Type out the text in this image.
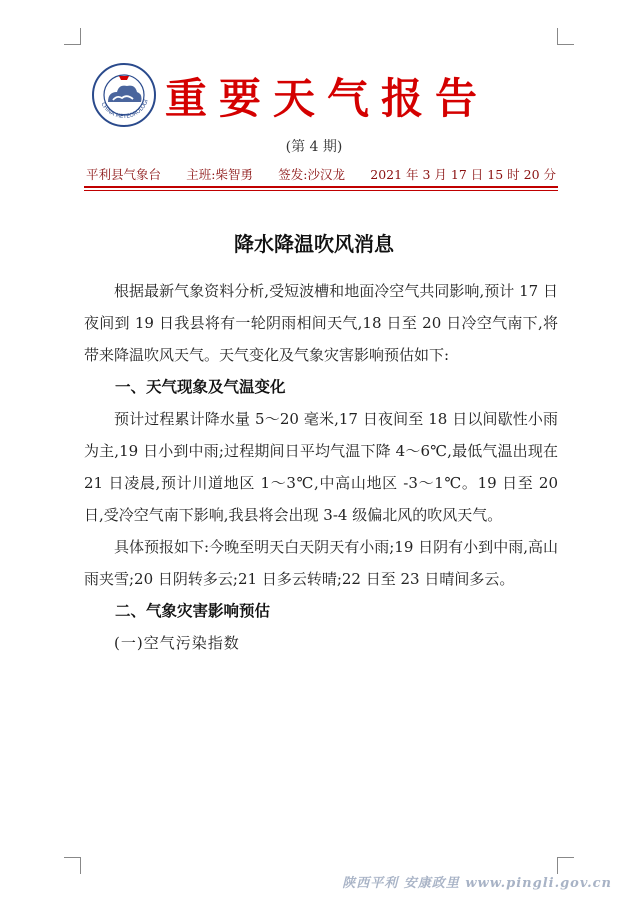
CHINA METEOROLOGI 重要天气报告
(第 4 期)
平利县气象台 主班:柴智勇 签发:沙汉龙 2021 年 3 月 17 日 15 时 20 分
降水降温吹风消息

根据最新气象资料分析,受短波槽和地面冷空气共同影响,预计 17 日夜间到 19 日我县将有一轮阴雨相间天气,18 日至 20 日冷空气南下,将带来降温吹风天气。天气变化及气象灾害影响预估如下:

一、天气现象及气温变化

预计过程累计降水量 5～20 毫米,17 日夜间至 18 日以间歇性小雨为主,19 日小到中雨;过程期间日平均气温下降 4～6℃,最低气温出现在 21 日凌晨,预计川道地区 1～3℃,中高山地区 -3～1℃。19 日至 20 日,受冷空气南下影响,我县将会出现 3-4 级偏北风的吹风天气。

具体预报如下:今晚至明天白天阴天有小雨;19 日阴有小到中雨,高山雨夹雪;20 日阴转多云;21 日多云转晴;22 日至 23 日晴间多云。

二、气象灾害影响预估

(一)空气污染指数

陕西平利 安康政里 www.pingli.gov.cn
